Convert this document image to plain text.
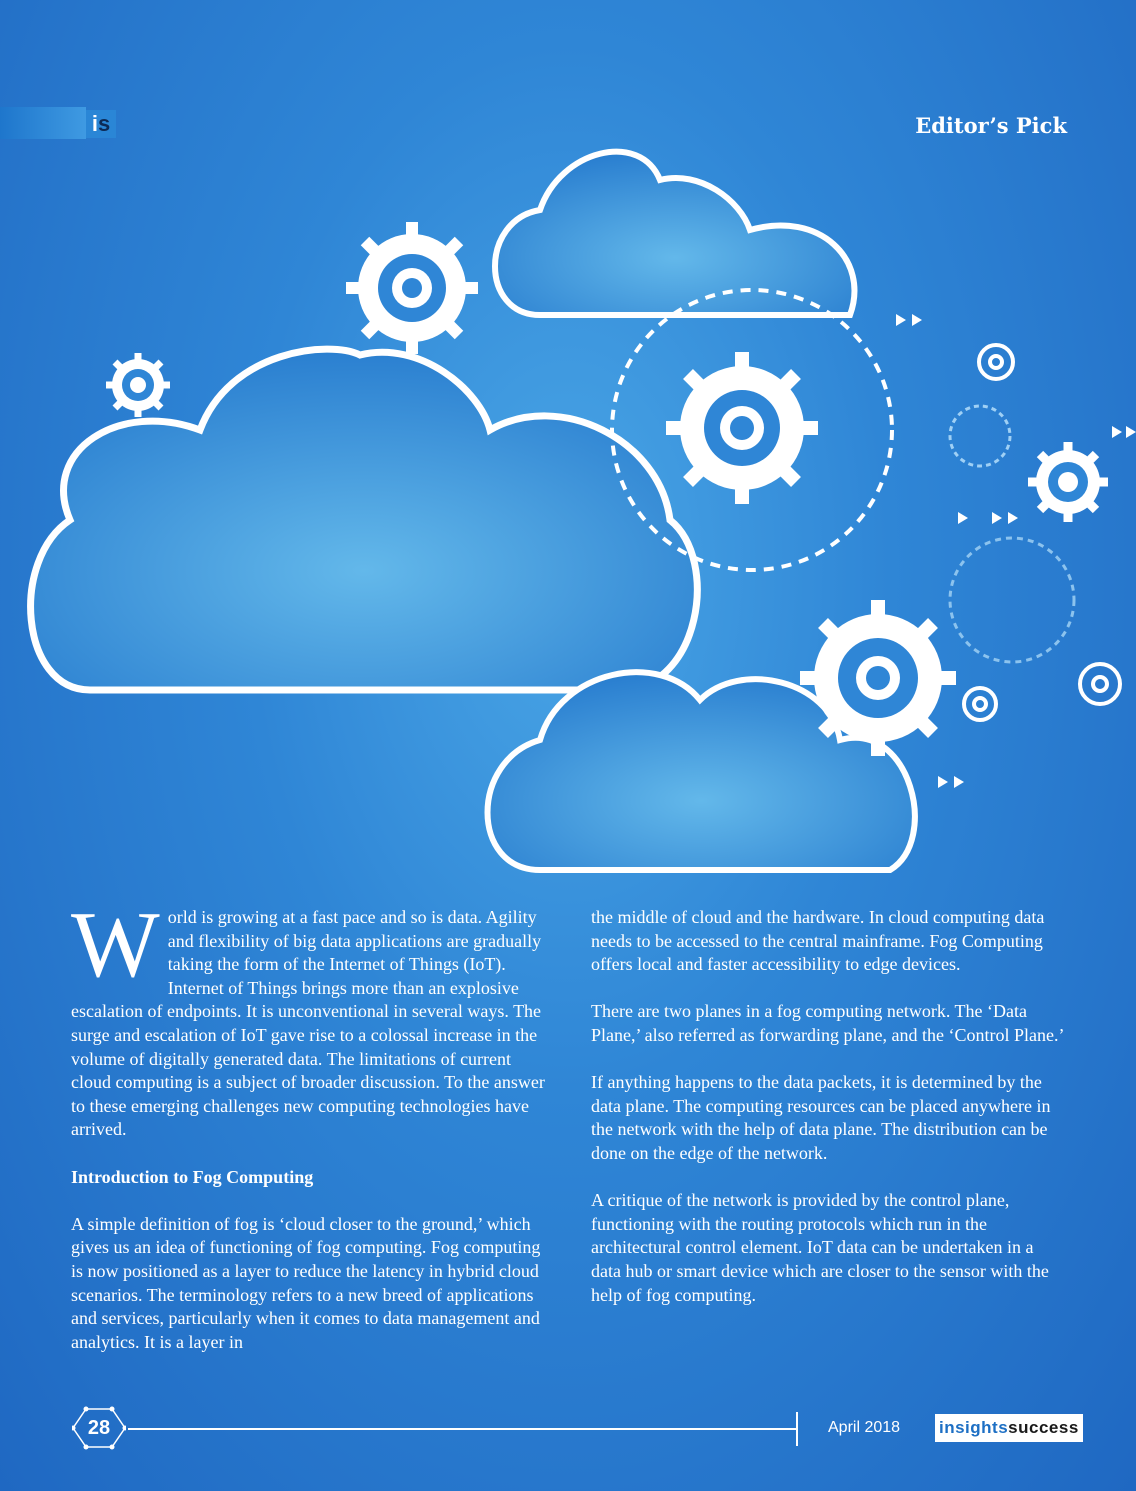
i s	Editor’s Pick

World is growing at a fast pace and so is data. Agility and flexibility of big data applications are gradually taking the form of the Internet of Things (IoT). Internet of Things brings more than an explosive escalation of endpoints. It is unconventional in several ways. The surge and escalation of IoT gave rise to a colossal increase in the volume of digitally generated data. The limitations of current cloud computing is a subject of broader discussion. To the answer to these emerging challenges new computing technologies have arrived.

Introduction to Fog Computing

A simple definition of fog is ‘cloud closer to the ground,’ which gives us an idea of functioning of fog computing. Fog computing is now positioned as a layer to reduce the latency in hybrid cloud scenarios. The terminology refers to a new breed of applications and services, particularly when it comes to data management and analytics. It is a layer in

the middle of cloud and the hardware. In cloud computing data needs to be accessed to the central mainframe. Fog Computing offers local and faster accessibility to edge devices.

There are two planes in a fog computing network. The ‘Data Plane,’ also referred as forwarding plane, and the ‘Control Plane.’

If anything happens to the data packets, it is determined by the data plane. The computing resources can be placed anywhere in the network with the help of data plane. The distribution can be done on the edge of the network.

A critique of the network is provided by the control plane, functioning with the routing protocols which run in the architectural control element. IoT data can be undertaken in a data hub or smart device which are closer to the sensor with the help of fog computing.

28	April 2018 insights success
